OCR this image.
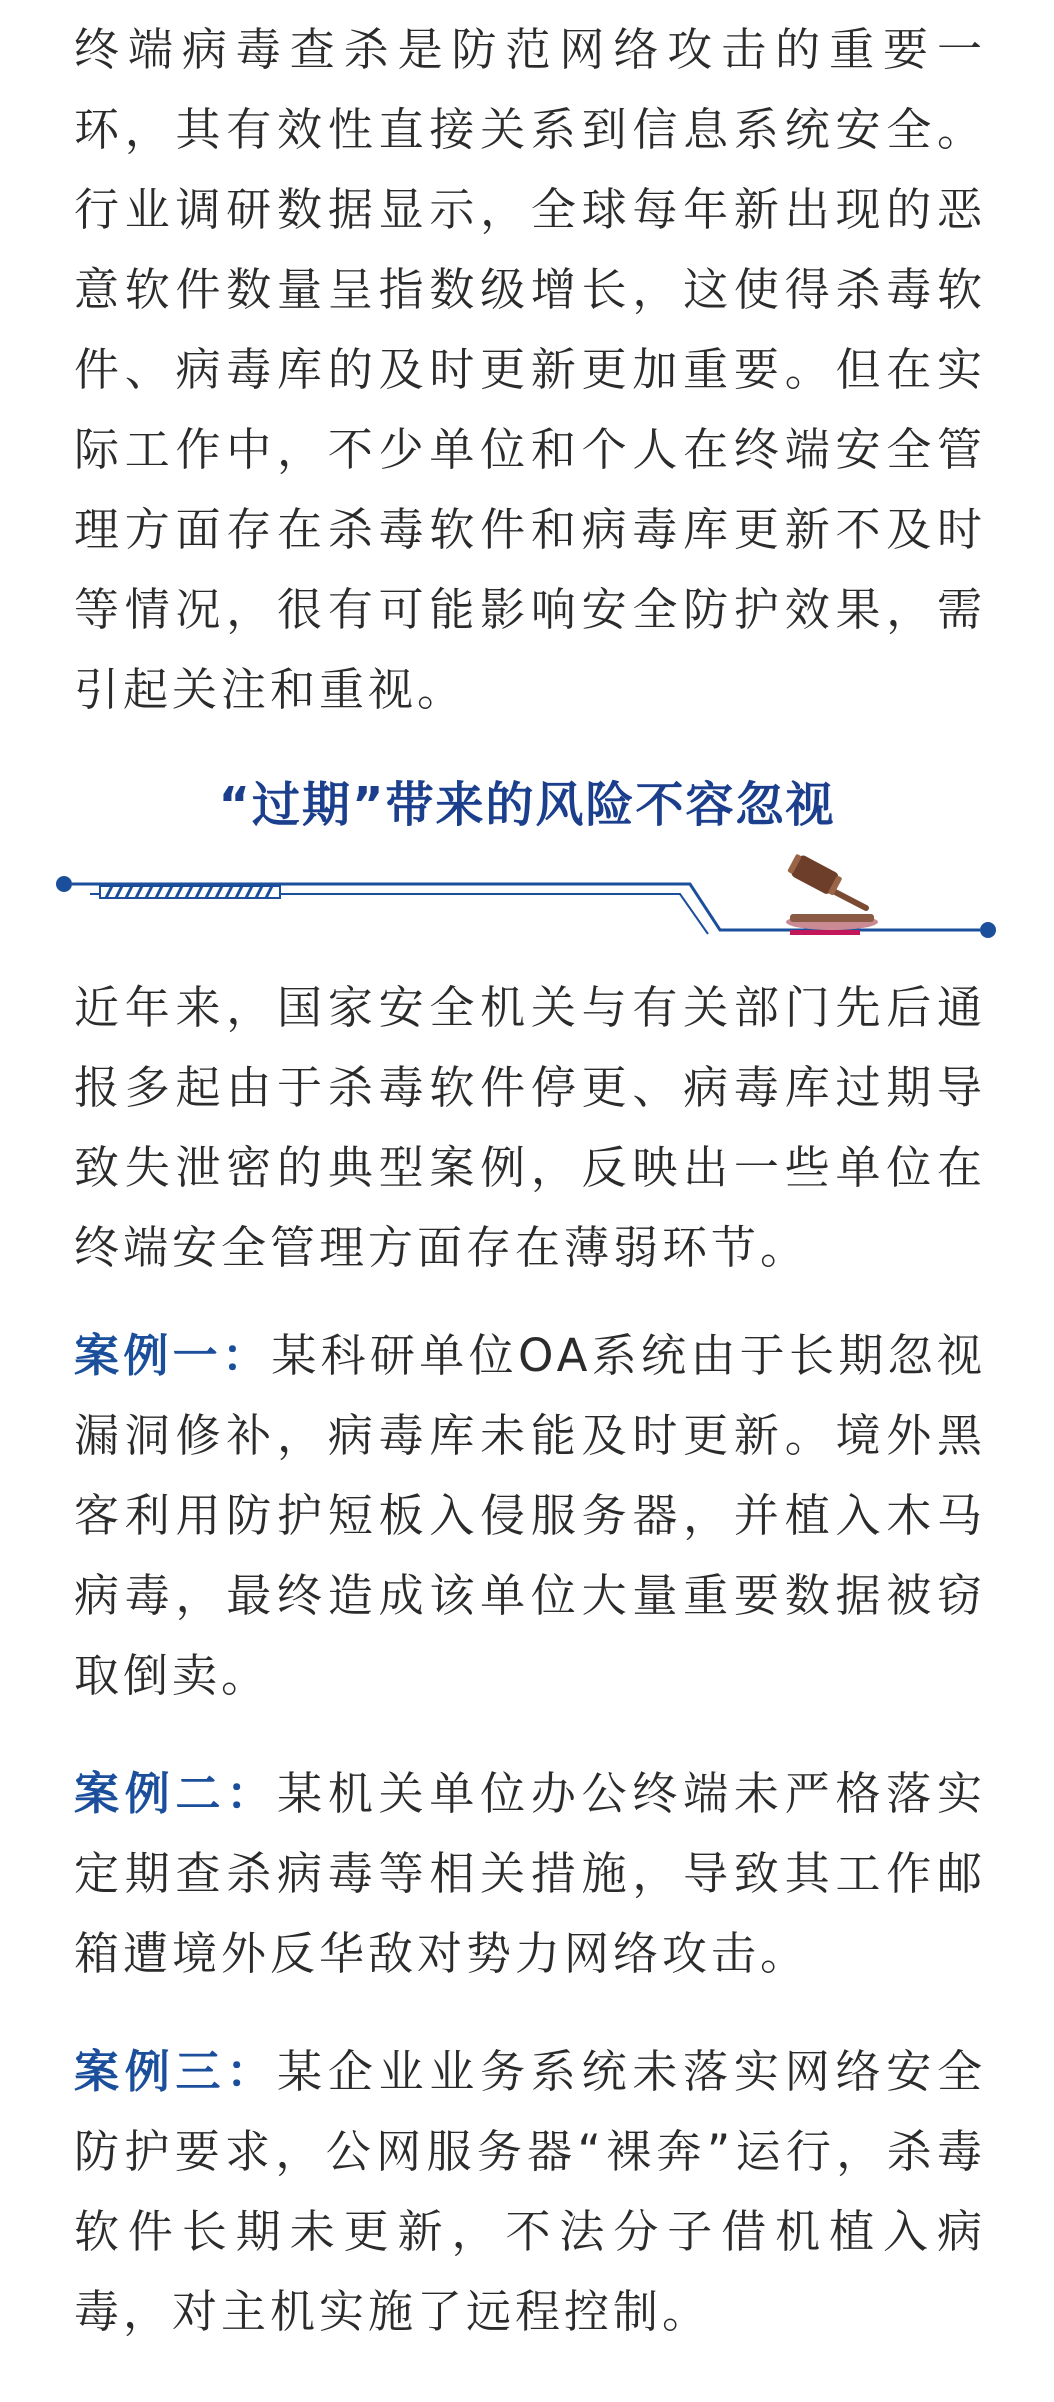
终端病毒查杀是防范网络攻击的重要一环，其有效性直接关系到信息系统安全。行业调研数据显示，全球每年新出现的恶意软件数量呈指数级增长，这使得杀毒软件、病毒库的及时更新更加重要。但在实际工作中，不少单位和个人在终端安全管理方面存在杀毒软件和病毒库更新不及时等情况，很有可能影响安全防护效果，需引起关注和重视。

“过期”带来的风险不容忽视

近年来，国家安全机关与有关部门先后通报多起由于杀毒软件停更、病毒库过期导致失泄密的典型案例，反映出一些单位在终端安全管理方面存在薄弱环节。

案例一：某科研单位OA系统由于长期忽视漏洞修补，病毒库未能及时更新。境外黑客利用防护短板入侵服务器，并植入木马病毒，最终造成该单位大量重要数据被窃取倒卖。

案例二：某机关单位办公终端未严格落实定期查杀病毒等相关措施，导致其工作邮箱遭境外反华敌对势力网络攻击。

案例三：某企业业务系统未落实网络安全防护要求，公网服务器“裸奔”运行，杀毒软件长期未更新，不法分子借机植入病毒，对主机实施了远程控制。
